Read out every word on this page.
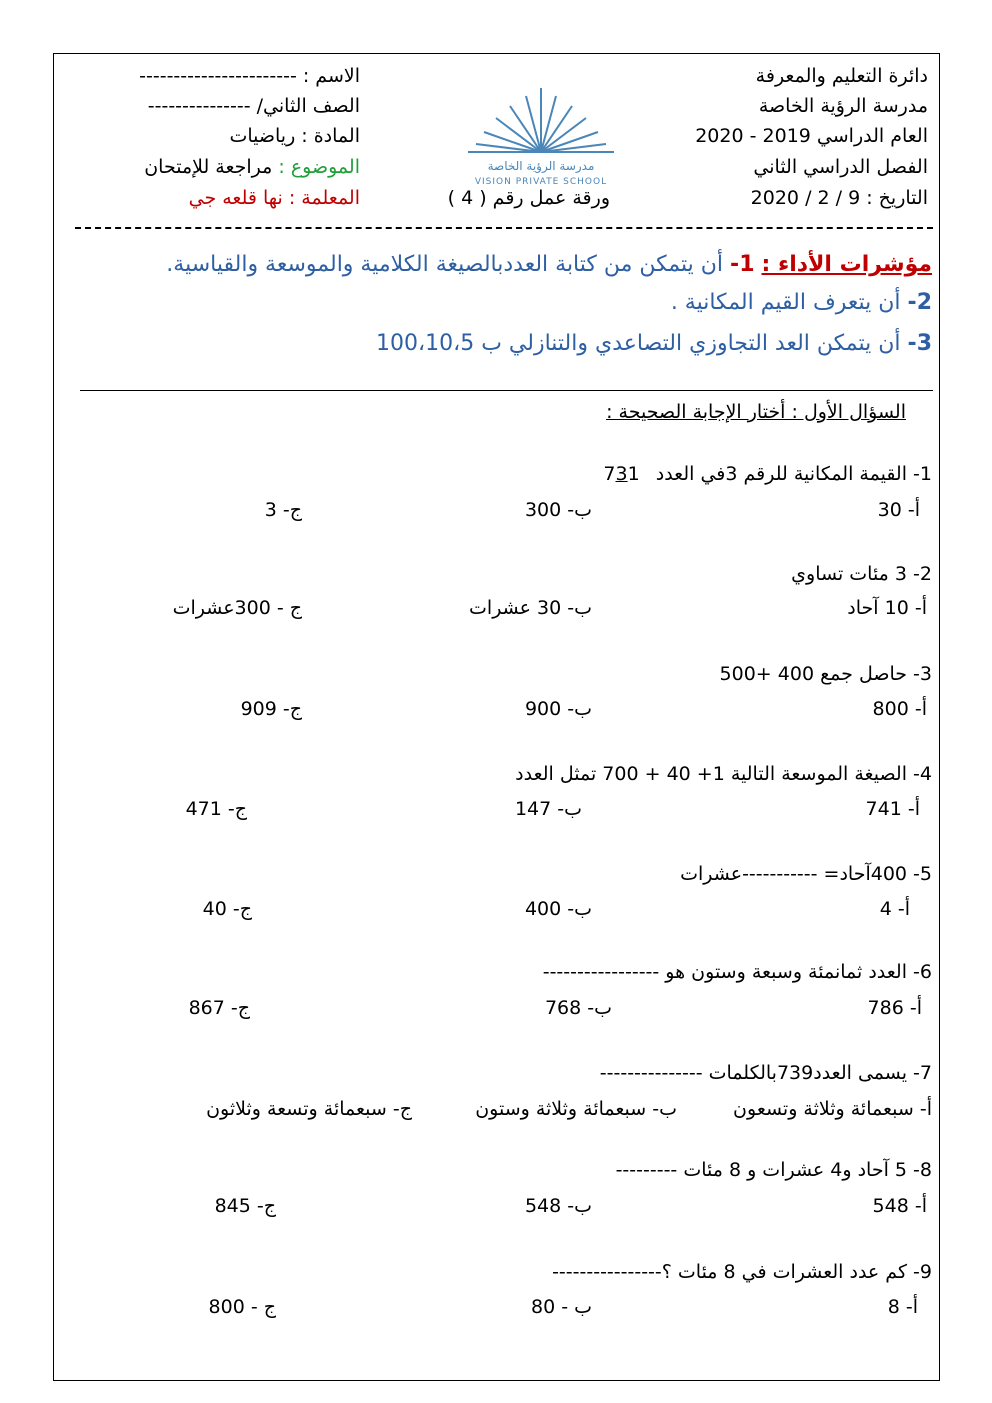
دائرة التعليم والمعرفة
مدرسة الرؤية الخاصة
العام الدراسي 2019 - 2020
الفصل الدراسي الثاني
التاريخ : 9 / 2 / 2020
الاسم : -----------------------
الصف الثاني/ ---------------
المادة : رياضيات
الموضوع : مراجعة للإمتحان
المعلمة : نها قلعه جي	ورقة عمل رقم ( 4 )
مدرسة الرؤية الخاصة
VISION PRIVATE SCHOOL
مؤشرات الأداء : 1- أن يتمكن من كتابة العددبالصيغة الكلامية والموسعة والقياسية.
2- أن يتعرف القيم المكانية .
3- أن يتمكن العد التجاوزي التصاعدي والتنازلي ب 100،10،5
السؤال الأول : أختار الإجابة الصحيحة :
1- القيمة المكانية للرقم 3في العدد 731
أ- 30
ب- 300
ج- 3
2- 3 مئات تساوي
أ- 10 آحاد
ب- 30 عشرات
ج - 300عشرات
3- حاصل جمع 400 +500
أ- 800
ب- 900
ج- 909
4- الصيغة الموسعة التالية 1+ 40 + 700 تمثل العدد
أ- 741
ب- 147
ج- 471
5- 400آحاد= -----------عشرات
أ- 4
ب- 400
ج- 40
6- العدد ثمانمئة وسبعة وستون هو -----------------
أ- 786
ب- 768
ج- 867
7- يسمى العدد739بالكلمات ---------------
أ- سبعمائة وثلاثة وتسعون
ب- سبعمائة وثلاثة وستون
ج- سبعمائة وتسعة وثلاثون
8- 5 آحاد و4 عشرات و 8 مئات ---------
أ- 548
ب- 548
ج- 845
9- كم عدد العشرات في 8 مئات ؟----------------
أ- 8
ب - 80
ج - 800
